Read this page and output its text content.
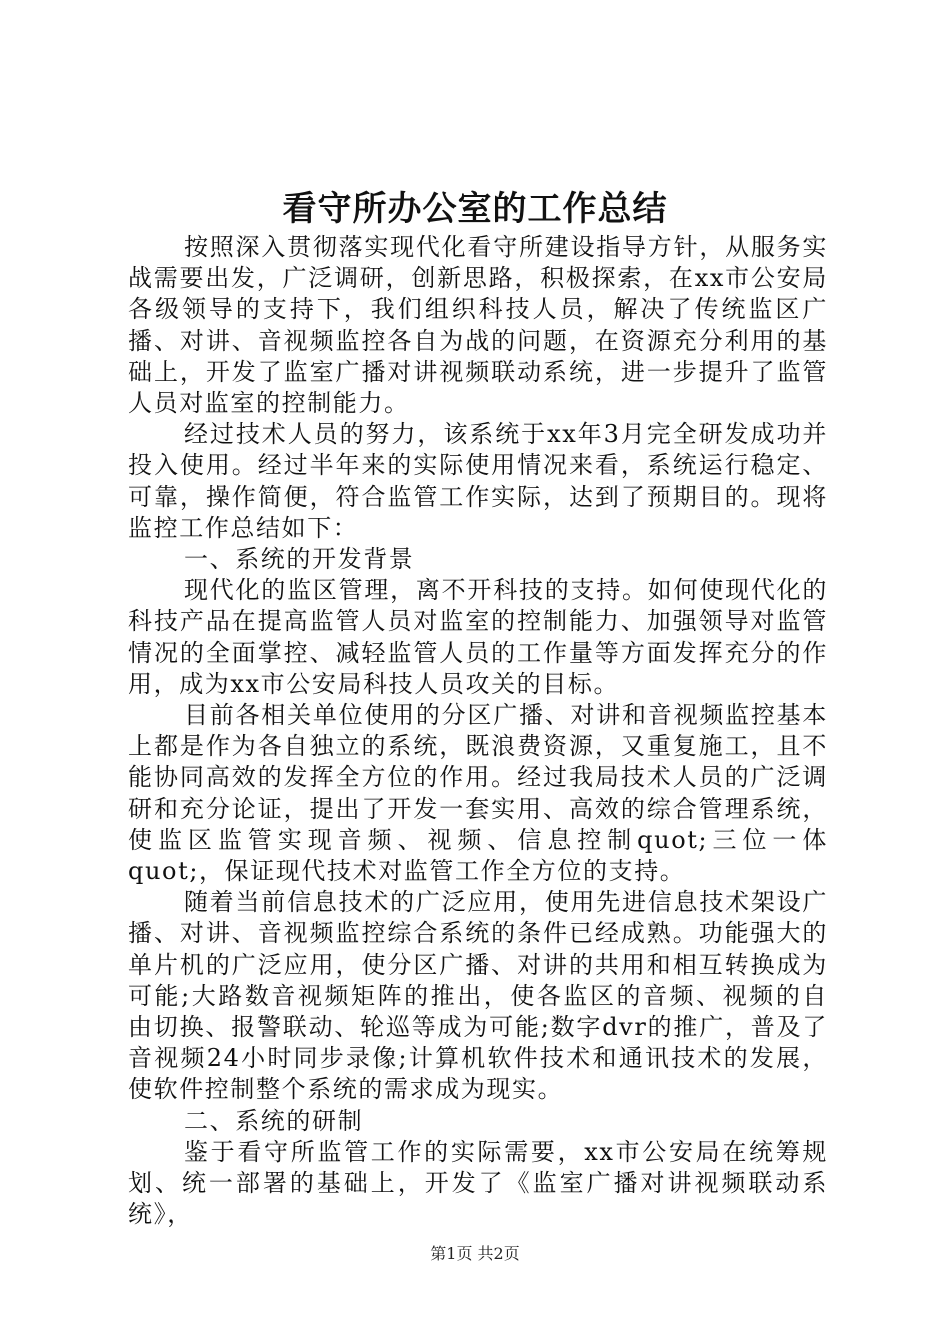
看守所办公室的工作总结

按照深入贯彻落实现代化看守所建设指导方针，从服务实战需要出发，广泛调研，创新思路，积极探索，在xx市公安局各级领导的支持下，我们组织科技人员，解决了传统监区广播、对讲、音视频监控各自为战的问题，在资源充分利用的基础上，开发了监室广播对讲视频联动系统，进一步提升了监管人员对监室的控制能力。

经过技术人员的努力，该系统于xx年3月完全研发成功并投入使用。经过半年来的实际使用情况来看，系统运行稳定、可靠，操作简便，符合监管工作实际，达到了预期目的。现将监控工作总结如下：

一、系统的开发背景

现代化的监区管理，离不开科技的支持。如何使现代化的科技产品在提高监管人员对监室的控制能力、加强领导对监管情况的全面掌控、减轻监管人员的工作量等方面发挥充分的作用，成为xx市公安局科技人员攻关的目标。

目前各相关单位使用的分区广播、对讲和音视频监控基本上都是作为各自独立的系统，既浪费资源，又重复施工，且不能协同高效的发挥全方位的作用。经过我局技术人员的广泛调研和充分论证，提出了开发一套实用、高效的综合管理系统，使监区监管实现音频、视频、信息控制quot;三位一体quot;，保证现代技术对监管工作全方位的支持。

随着当前信息技术的广泛应用，使用先进信息技术架设广播、对讲、音视频监控综合系统的条件已经成熟。功能强大的单片机的广泛应用，使分区广播、对讲的共用和相互转换成为可能;大路数音视频矩阵的推出，使各监区的音频、视频的自由切换、报警联动、轮巡等成为可能;数字dvr的推广，普及了音视频24小时同步录像;计算机软件技术和通讯技术的发展，使软件控制整个系统的需求成为现实。

二、系统的研制

鉴于看守所监管工作的实际需要，xx市公安局在统筹规划、统一部署的基础上，开发了《监室广播对讲视频联动系统》，

第1页 共2页
